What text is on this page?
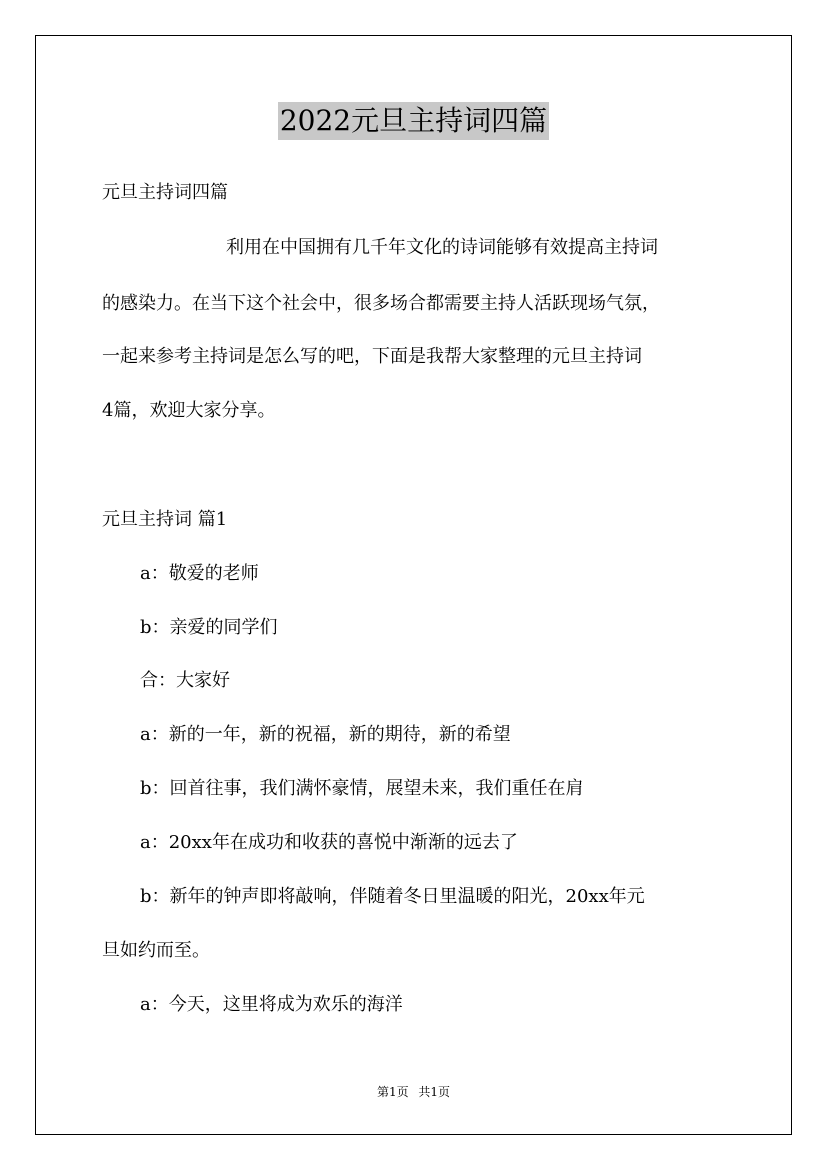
2022元旦主持词四篇
元旦主持词四篇
利用在中国拥有几千年文化的诗词能够有效提高主持词
的感染力。在当下这个社会中，很多场合都需要主持人活跃现场气氛，
一起来参考主持词是怎么写的吧，下面是我帮大家整理的元旦主持词
4篇，欢迎大家分享。
元旦主持词 篇1
a：敬爱的老师
b：亲爱的同学们
合：大家好
a：新的一年，新的祝福，新的期待，新的希望
b：回首往事，我们满怀豪情，展望未来，我们重任在肩
a：20xx年在成功和收获的喜悦中渐渐的远去了
b：新年的钟声即将敲响，伴随着冬日里温暖的阳光，20xx年元
旦如约而至。
a：今天，这里将成为欢乐的海洋
第1页 共1页
